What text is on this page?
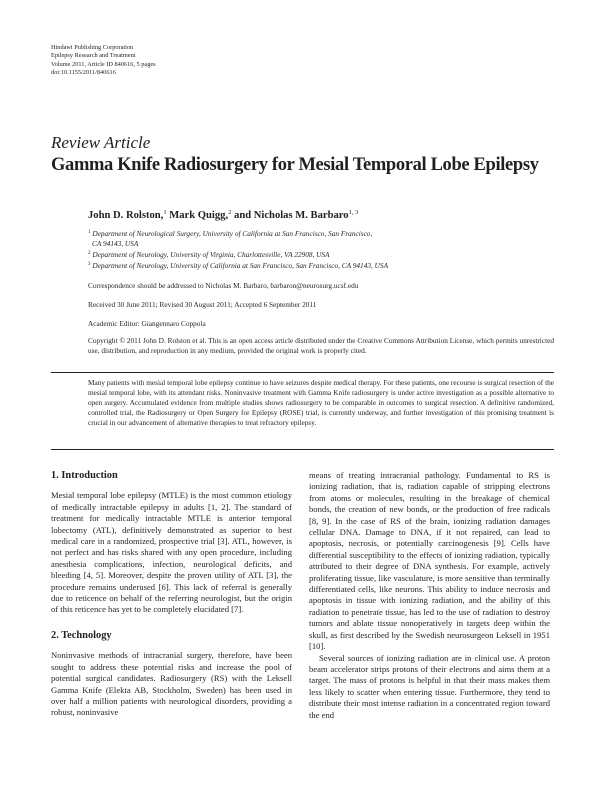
Hindawi Publishing Corporation
Epilepsy Research and Treatment
Volume 2011, Article ID 840616, 5 pages
doi:10.1155/2011/840616
Review Article
Gamma Knife Radiosurgery for Mesial Temporal Lobe Epilepsy
John D. Rolston,$^1$ Mark Quigg,$^2$ and Nicholas M. Barbaro$^{1, 3}$
$^1$ Department of Neurological Surgery, University of California at San Francisco, San Francisco,
CA 94143, USA
$^2$ Department of Neurology, University of Virginia, Charlottesville, VA 22908, USA
$^3$ Department of Neurology, University of California at San Francisco, San Francisco, CA 94143, USA
Correspondence should be addressed to Nicholas M. Barbaro, barbaron@neurosurg.ucsf.edu
Received 30 June 2011; Revised 30 August 2011; Accepted 6 September 2011
Academic Editor: Giangennaro Coppola
Copyright © 2011 John D. Rolston et al. This is an open access article distributed under the Creative Commons Attribution License, which permits unrestricted use, distribution, and reproduction in any medium, provided the original work is properly cited.
Many patients with mesial temporal lobe epilepsy continue to have seizures despite medical therapy. For these patients, one recourse is surgical resection of the mesial temporal lobe, with its attendant risks. Noninvasive treatment with Gamma Knife radiosurgery is under active investigation as a possible alternative to open surgery. Accumulated evidence from multiple studies shows radiosurgery to be comparable in outcomes to surgical resection. A definitive randomized, controlled trial, the Radiosurgery or Open Surgery for Epilepsy (ROSE) trial, is currently underway, and further investigation of this promising treatment is crucial in our advancement of alternative therapies to treat refractory epilepsy.
1. Introduction

Mesial temporal lobe epilepsy (MTLE) is the most common etiology of medically intractable epilepsy in adults [1, 2]. The standard of treatment for medically intractable MTLE is anterior temporal lobectomy (ATL), definitively demonstrated as superior to best medical care in a randomized, prospective trial [3]. ATL, however, is not perfect and has risks shared with any open procedure, including anesthesia complications, infection, neurological deficits, and bleeding [4, 5]. Moreover, despite the proven utility of ATL [3], the procedure remains underused [6]. This lack of referral is generally due to reticence on behalf of the referring neurologist, but the origin of this reticence has yet to be completely elucidated [7].

2. Technology

Noninvasive methods of intracranial surgery, therefore, have been sought to address these potential risks and increase the pool of potential surgical candidates. Radiosurgery (RS) with the Leksell Gamma Knife (Elekta AB, Stockholm, Sweden) has been used in over half a million patients with neurological disorders, providing a robust, noninvasive

means of treating intracranial pathology. Fundamental to RS is ionizing radiation, that is, radiation capable of stripping electrons from atoms or molecules, resulting in the breakage of chemical bonds, the creation of new bonds, or the production of free radicals [8, 9]. In the case of RS of the brain, ionizing radiation damages cellular DNA. Damage to DNA, if it not repaired, can lead to apoptosis, necrosis, or potentially carcinogenesis [9]. Cells have differential susceptibility to the effects of ionizing radiation, typically attributed to their degree of DNA synthesis. For example, actively proliferating tissue, like vasculature, is more sensitive than terminally differentiated cells, like neurons. This ability to induce necrosis and apoptosis in tissue with ionizing radiation, and the ability of this radiation to penetrate tissue, has led to the use of radiation to destroy tumors and ablate tissue nonoperatively in targets deep within the skull, as first described by the Swedish neurosurgeon Leksell in 1951 [10].

Several sources of ionizing radiation are in clinical use. A proton beam accelerator strips protons of their electrons and aims them at a target. The mass of protons is helpful in that their mass makes them less likely to scatter when entering tissue. Furthermore, they tend to distribute their most intense radiation in a concentrated region toward the end
